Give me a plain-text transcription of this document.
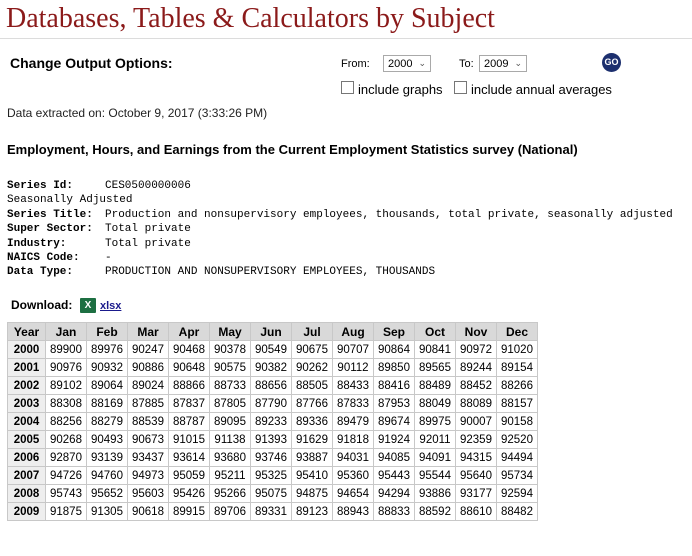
Databases, Tables & Calculators by Subject
Change Output Options:	From:	2000 ⌄	To: 2009 ⌄	GO
include graphs include annual averages
Data extracted on: October 9, 2017 (3:33:26 PM)
Employment, Hours, and Earnings from the Current Employment Statistics survey (National)
Series Id:	CES0500000006
Seasonally Adjusted
Series Title: Production and nonsupervisory employees, thousands, total private, seasonally adjusted
Super Sector: Total private
Industry:	Total private
NAICS Code: -
Data Type:	PRODUCTION AND NONSUPERVISORY EMPLOYEES, THOUSANDS
Download:	X xlsx
Year	Jan	Feb	Mar	Apr	May	Jun	Jul	Aug	Sep	Oct	Nov	Dec
2000	89900	89976	90247	90468	90378	90549	90675	90707	90864	90841	90972	91020
2001	90976	90932	90886	90648	90575	90382	90262	90112	89850	89565	89244	89154
2002	89102	89064	89024	88866	88733	88656	88505	88433	88416	88489	88452	88266
2003	88308	88169	87885	87837	87805	87790	87766	87833	87953	88049	88089	88157
2004	88256	88279	88539	88787	89095	89233	89336	89479	89674	89975	90007	90158
2005	90268	90493	90673	91015	91138	91393	91629	91818	91924	92011	92359	92520
2006	92870	93139	93437	93614	93680	93746	93887	94031	94085	94091	94315	94494
2007	94726	94760	94973	95059	95211	95325	95410	95360	95443	95544	95640	95734
2008	95743	95652	95603	95426	95266	95075	94875	94654	94294	93886	93177	92594
2009	91875	91305	90618	89915	89706	89331	89123	88943	88833	88592	88610	88482
